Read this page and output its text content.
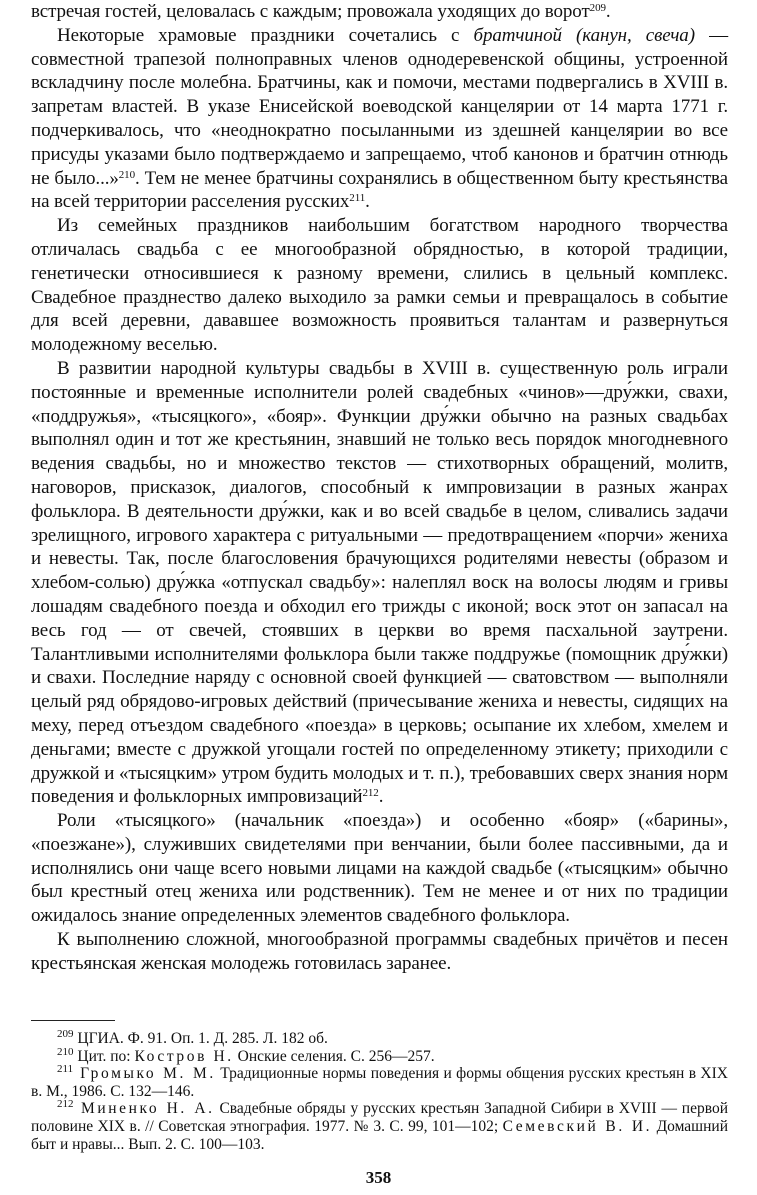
встречая гостей, целовалась с каждым; провожала уходящих до ворот$^{209}$.

Некоторые храмовые праздники сочетались с братчиной (канун, свеча) — совместной трапезой полноправных членов однодеревенской общины, устроенной вскладчину после молебна. Братчины, как и помочи, местами подвергались в XVIII в. запретам властей. В указе Енисейской воеводской канцелярии от 14 марта 1771 г. подчеркивалось, что «неоднократно посыланными из здешней канцелярии во все присуды указами было подтверждаемо и запрещаемо, чтоб канонов и братчин отнюдь не было...»$^{210}$. Тем не менее братчины сохранялись в общественном быту крестьянства на всей территории расселения русских$^{211}$.

Из семейных праздников наибольшим богатством народного творчества отличалась свадьба с ее многообразной обрядностью, в которой традиции, генетически относившиеся к разному времени, слились в цельный комплекс. Свадебное празднество далеко выходило за рамки семьи и превращалось в событие для всей деревни, дававшее возможность проявиться талантам и развернуться молодежному веселью.

В развитии народной культуры свадьбы в XVIII в. существенную роль играли постоянные и временные исполнители ролей свадебных «чинов»—дру́жки, свахи, «поддружья», «тысяцкого», «бояр». Функции дру́жки обычно на разных свадьбах выполнял один и тот же крестьянин, знавший не только весь порядок многодневного ведения свадьбы, но и множество текстов — стихотворных обращений, молитв, наговоров, присказок, диалогов, способный к импровизации в разных жанрах фольклора. В деятельности дру́жки, как и во всей свадьбе в целом, сливались задачи зрелищного, игрового характера с ритуальными — предотвращением «порчи» жениха и невесты. Так, после благословения брачующихся родителями невесты (образом и хлебом-солью) дру́жка «отпускал свадьбу»: налеплял воск на волосы людям и гривы лошадям свадебного поезда и обходил его трижды с иконой; воск этот он запасал на весь год — от свечей, стоявших в церкви во время пасхальной заутрени. Талантливыми исполнителями фольклора были также поддружье (помощник дру́жки) и свахи. Последние наряду с основной своей функцией — сватовством — выполняли целый ряд обрядово-игровых действий (причесывание жениха и невесты, сидящих на меху, перед отъездом свадебного «поезда» в церковь; осыпание их хлебом, хмелем и деньгами; вместе с дружкой угощали гостей по определенному этикету; приходили с дружкой и «тысяцким» утром будить молодых и т. п.), требовавших сверх знания норм поведения и фольклорных импровизаций$^{212}$.

Роли «тысяцкого» (начальник «поезда») и особенно «бояр» («барины», «поезжане»), служивших свидетелями при венчании, были более пассивными, да и исполнялись они чаще всего новыми лицами на каждой свадьбе («тысяцким» обычно был крестный отец жениха или родственник). Тем не менее и от них по традиции ожидалось знание определенных элементов свадебного фольклора.

К выполнению сложной, многообразной программы свадебных причётов и песен крестьянская женская молодежь готовилась заранее.

$^{209}$ ЦГИА. Ф. 91. Оп. 1. Д. 285. Л. 182 об.

$^{210}$ Цит. по: Костров Н. Онские селения. С. 256—257.

$^{211}$ Громыко М. М. Традиционные нормы поведения и формы общения русских крестьян в XIX в. М., 1986. С. 132—146.

$^{212}$ Миненко Н. А. Свадебные обряды у русских крестьян Западной Сибири в XVIII — первой половине XIX в. // Советская этнография. 1977. № 3. С. 99, 101—102; Семевский В. И. Домашний быт и нравы... Вып. 2. С. 100—103.

358
